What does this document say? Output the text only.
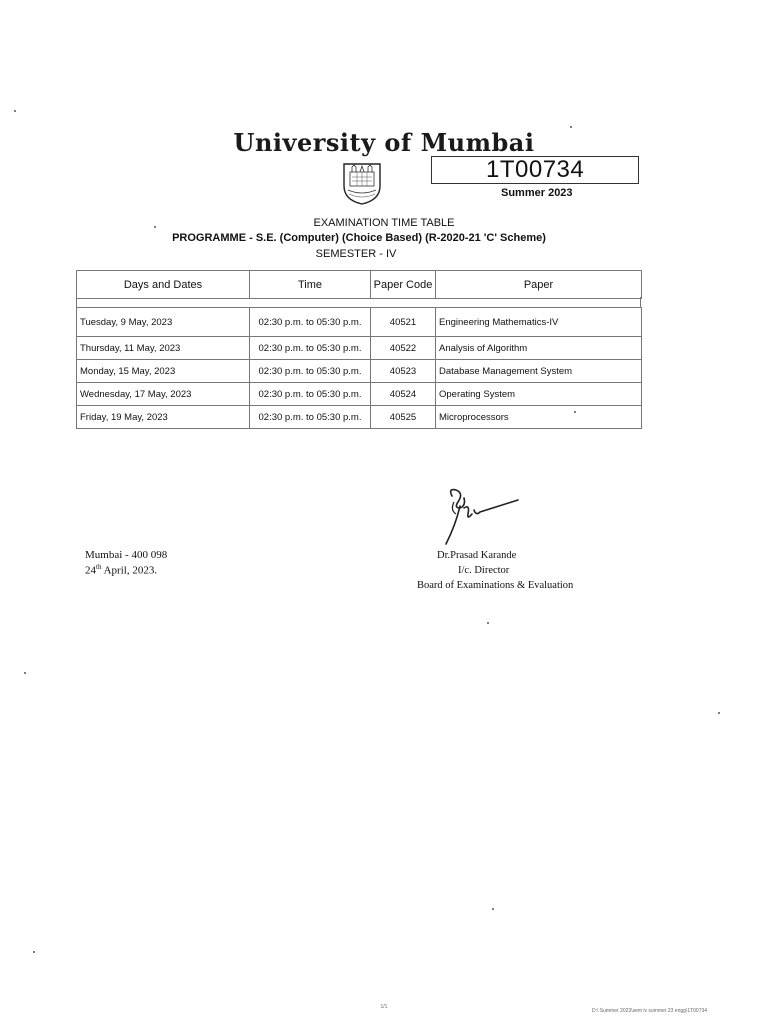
University of Mumbai
1T00734
Summer 2023
EXAMINATION TIME TABLE
PROGRAMME - S.E. (Computer) (Choice Based) (R-2020-21 'C' Scheme)
SEMESTER - IV
Days and Dates	Time	Paper Code	Paper
Tuesday, 9 May, 2023	02:30 p.m. to 05:30 p.m.	40521	Engineering Mathematics-IV
Thursday, 11 May, 2023	02:30 p.m. to 05:30 p.m.	40522	Analysis of Algorithm
Monday, 15 May, 2023	02:30 p.m. to 05:30 p.m.	40523	Database Management System
Wednesday, 17 May, 2023	02:30 p.m. to 05:30 p.m.	40524	Operating System
Friday, 19 May, 2023	02:30 p.m. to 05:30 p.m.	40525	Microprocessors
Mumbai - 400 098
24th April, 2023.
Dr.Prasad Karande
I/c. Director
Board of Examinations & Evaluation
1/1
D:\ Summer 2023\sem iv summer 23 engg\1T00734
